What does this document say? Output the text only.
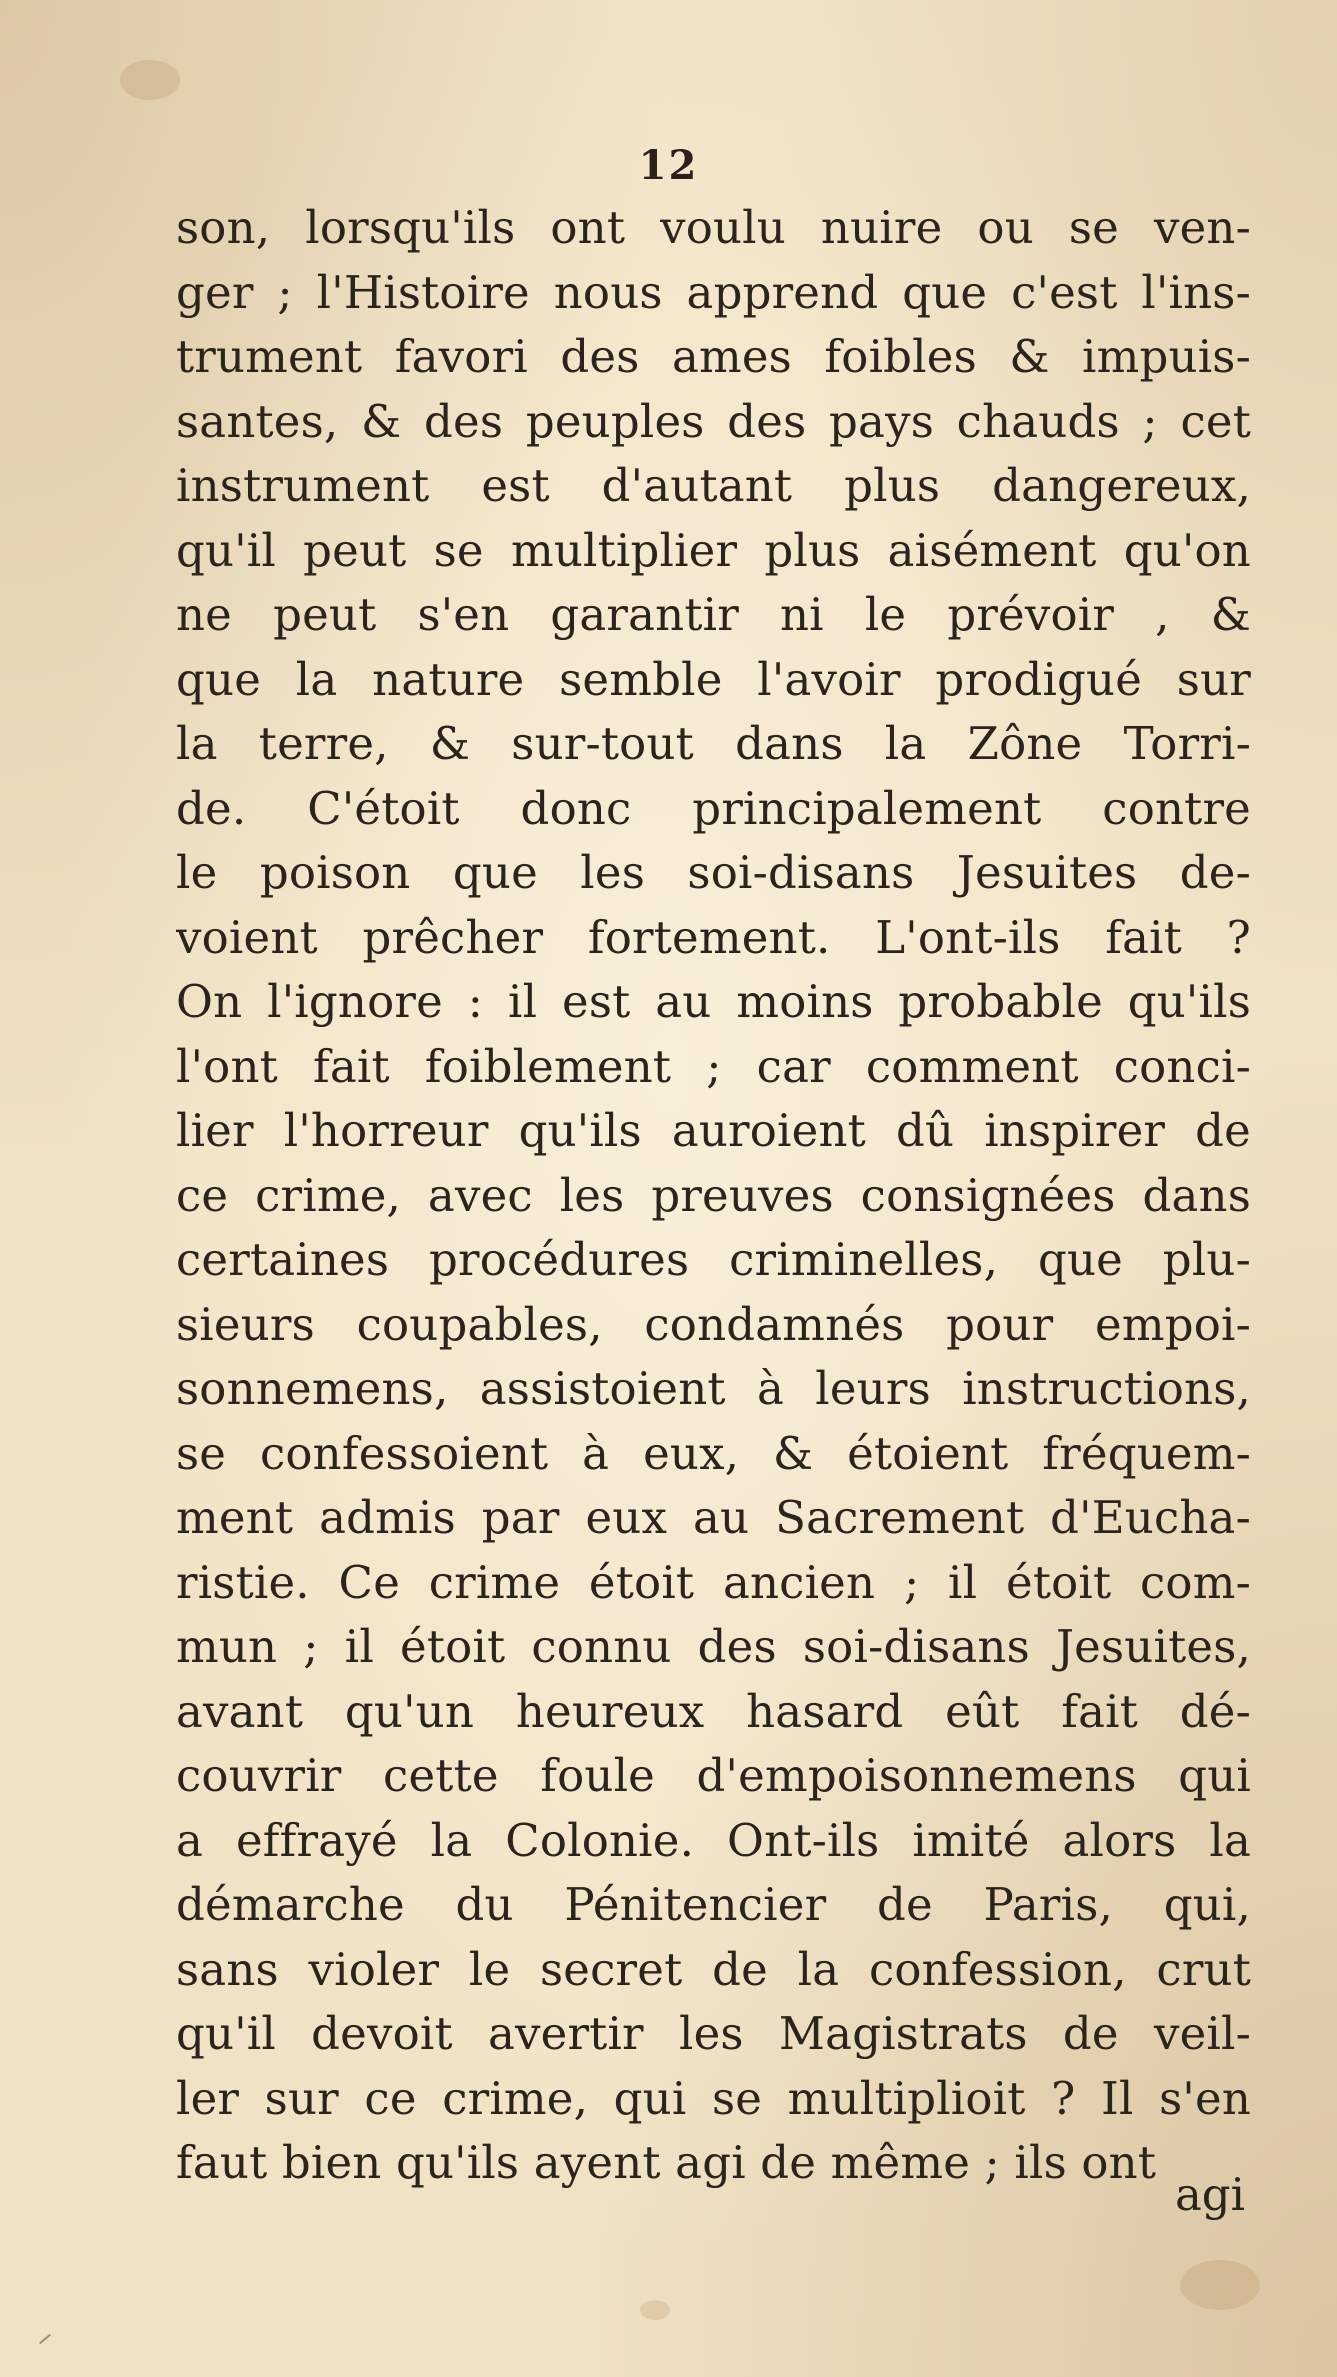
12
son, lorsqu'ils ont voulu nuire ou se ven-
ger ; l'Histoire nous apprend que c'est l'ins-
trument favori des ames foibles & impuis-
santes, & des peuples des pays chauds ; cet
instrument est d'autant plus dangereux,
qu'il peut se multiplier plus aisément qu'on
ne peut s'en garantir ni le prévoir , &
que la nature semble l'avoir prodigué sur
la terre, & sur-tout dans la Zône Torri-
de. C'étoit donc principalement contre
le poison que les soi-disans Jesuites de-
voient prêcher fortement. L'ont-ils fait ?
On l'ignore : il est au moins probable qu'ils
l'ont fait foiblement ; car comment conci-
lier l'horreur qu'ils auroient dû inspirer de
ce crime, avec les preuves consignées dans
certaines procédures criminelles, que plu-
sieurs coupables, condamnés pour empoi-
sonnemens, assistoient à leurs instructions,
se confessoient à eux, & étoient fréquem-
ment admis par eux au Sacrement d'Eucha-
ristie. Ce crime étoit ancien ; il étoit com-
mun ; il étoit connu des soi-disans Jesuites,
avant qu'un heureux hasard eût fait dé-
couvrir cette foule d'empoisonnemens qui
a effrayé la Colonie. Ont-ils imité alors la
démarche du Pénitencier de Paris, qui,
sans violer le secret de la confession, crut
qu'il devoit avertir les Magistrats de veil-
ler sur ce crime, qui se multiplioit ? Il s'en
faut bien qu'ils ayent agi de même ; ils ont
agi
